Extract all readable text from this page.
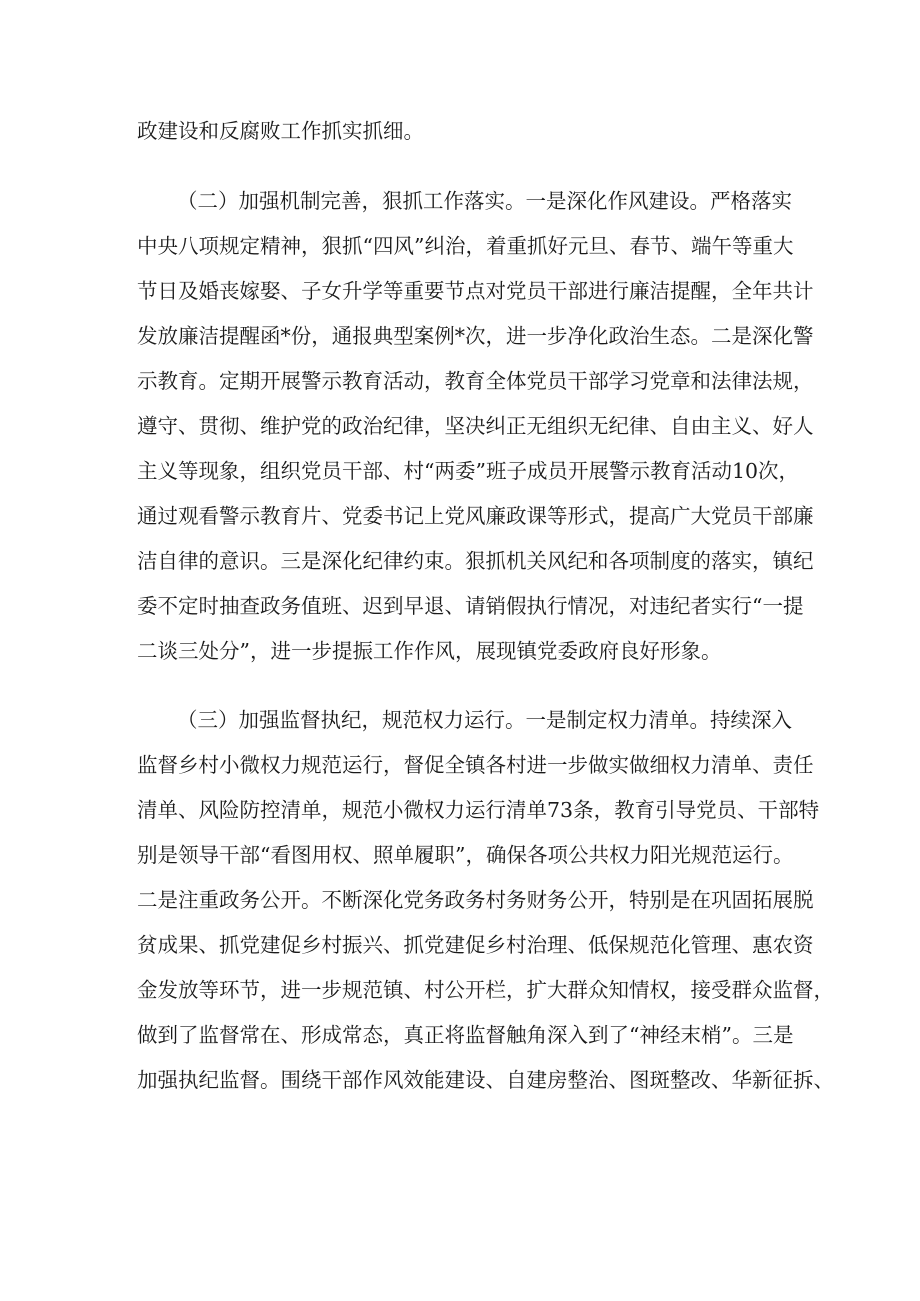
政建设和反腐败工作抓实抓细。
（二）加强机制完善，狠抓工作落实。一是深化作风建设。严格落实
中央八项规定精神，狠抓“四风”纠治，着重抓好元旦、春节、端午等重大
节日及婚丧嫁娶、子女升学等重要节点对党员干部进行廉洁提醒，全年共计
发放廉洁提醒函*份，通报典型案例*次，进一步净化政治生态。二是深化警
示教育。定期开展警示教育活动，教育全体党员干部学习党章和法律法规，
遵守、贯彻、维护党的政治纪律，坚决纠正无组织无纪律、自由主义、好人
主义等现象，组织党员干部、村“两委”班子成员开展警示教育活动10次，
通过观看警示教育片、党委书记上党风廉政课等形式，提高广大党员干部廉
洁自律的意识。三是深化纪律约束。狠抓机关风纪和各项制度的落实，镇纪
委不定时抽查政务值班、迟到早退、请销假执行情况，对违纪者实行“一提
二谈三处分”，进一步提振工作作风，展现镇党委政府良好形象。
（三）加强监督执纪，规范权力运行。一是制定权力清单。持续深入
监督乡村小微权力规范运行，督促全镇各村进一步做实做细权力清单、责任
清单、风险防控清单，规范小微权力运行清单73条，教育引导党员、干部特
别是领导干部“看图用权、照单履职”，确保各项公共权力阳光规范运行。
二是注重政务公开。不断深化党务政务村务财务公开，特别是在巩固拓展脱
贫成果、抓党建促乡村振兴、抓党建促乡村治理、低保规范化管理、惠农资
金发放等环节，进一步规范镇、村公开栏，扩大群众知情权，接受群众监督，
做到了监督常在、形成常态，真正将监督触角深入到了“神经末梢”。三是
加强执纪监督。围绕干部作风效能建设、自建房整治、图斑整改、华新征拆、
